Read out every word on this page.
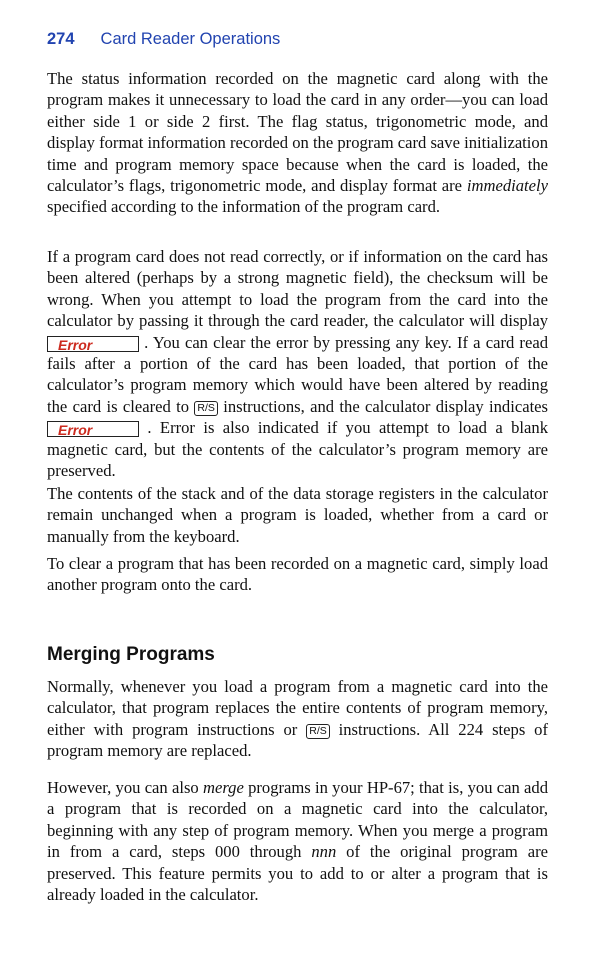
274 Card Reader Operations

The status information recorded on the magnetic card along with the program makes it unnecessary to load the card in any order—you can load either side 1 or side 2 first. The flag status, trigonometric mode, and display format information recorded on the program card save initialization time and program memory space because when the card is loaded, the calculator’s flags, trigonometric mode, and display format are immediately specified according to the information of the program card.

If a program card does not read correctly, or if information on the card has been altered (perhaps by a strong magnetic field), the checksum will be wrong. When you attempt to load the program from the card into the calculator by passing it through the card reader, the calculator will display Error	. You can clear the error by pressing any key. If a card read fails after a portion of the card has been loaded, that portion of the calculator’s program memory which would have been altered by reading the card is cleared to R/S instructions, and the calculator display indicates Error	. Error is also indicated if you attempt to load a blank magnetic card, but the contents of the calculator’s program memory are preserved.

The contents of the stack and of the data storage registers in the calculator remain unchanged when a program is loaded, whether from a card or manually from the keyboard.

To clear a program that has been recorded on a magnetic card, simply load another program onto the card.

Merging Programs

Normally, whenever you load a program from a magnetic card into the calculator, that program replaces the entire contents of program memory, either with program instructions or R/S instructions. All 224 steps of program memory are replaced.

However, you can also merge programs in your HP-67; that is, you can add a program that is recorded on a magnetic card into the calculator, beginning with any step of program memory. When you merge a program in from a card, steps 000 through nnn of the original program are preserved. This feature permits you to add to or alter a program that is already loaded in the calculator.
